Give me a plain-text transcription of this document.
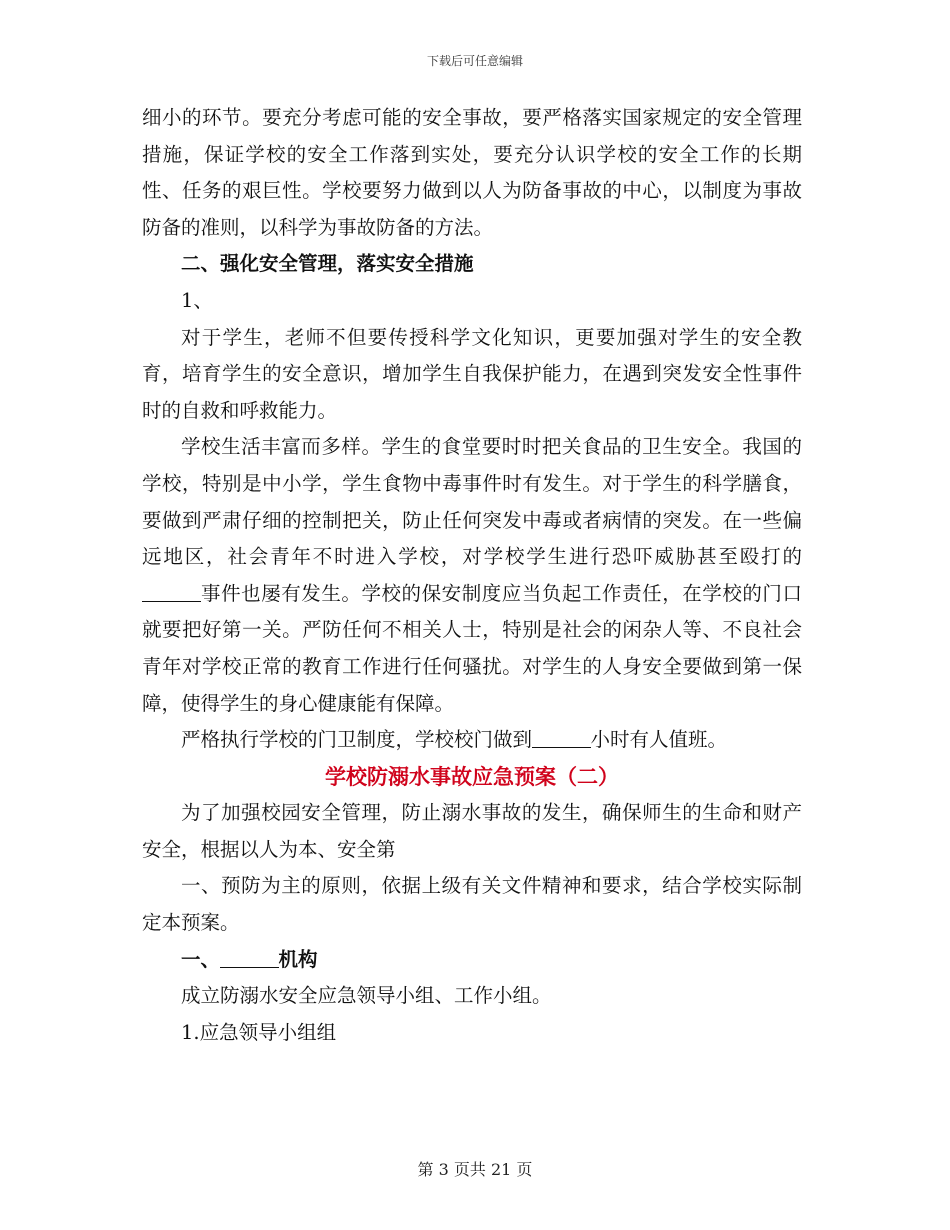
下载后可任意编辑

细小的环节。要充分考虑可能的安全事故，要严格落实国家规定的安全管理措施，保证学校的安全工作落到实处，要充分认识学校的安全工作的长期性、任务的艰巨性。学校要努力做到以人为防备事故的中心，以制度为事故防备的准则，以科学为事故防备的方法。

二、强化安全管理，落实安全措施

1、

对于学生，老师不但要传授科学文化知识，更要加强对学生的安全教育，培育学生的安全意识，增加学生自我保护能力，在遇到突发安全性事件时的自救和呼救能力。

学校生活丰富而多样。学生的食堂要时时把关食品的卫生安全。我国的学校，特别是中小学，学生食物中毒事件时有发生。对于学生的科学膳食，要做到严肃仔细的控制把关，防止任何突发中毒或者病情的突发。在一些偏远地区，社会青年不时进入学校，对学校学生进行恐吓威胁甚至殴打的事件也屡有发生。学校的保安制度应当负起工作责任，在学校的门口就要把好第一关。严防任何不相关人士，特别是社会的闲杂人等、不良社会青年对学校正常的教育工作进行任何骚扰。对学生的人身安全要做到第一保障，使得学生的身心健康能有保障。

严格执行学校的门卫制度，学校校门做到	小时有人值班。

学校防溺水事故应急预案（二）

为了加强校园安全管理，防止溺水事故的发生，确保师生的生命和财产安全，根据以人为本、安全第

一、预防为主的原则，依据上级有关文件精神和要求，结合学校实际制定本预案。

一、	机构

成立防溺水安全应急领导小组、工作小组。

1.应急领导小组组

第 3 页共 21 页
